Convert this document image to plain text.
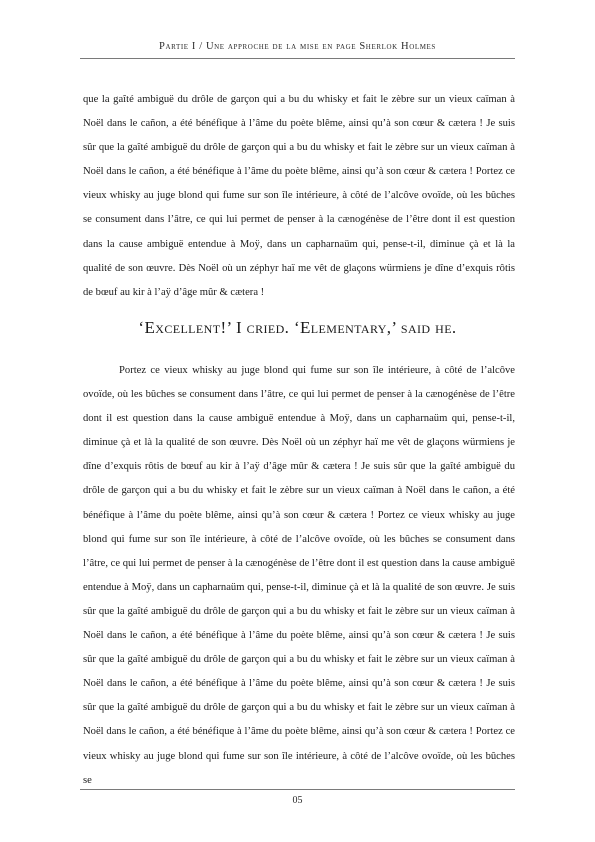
Partie I / Une approche de la mise en page Sherlok Holmes

que la gaîté ambiguë du drôle de garçon qui a bu du whisky et fait le zèbre sur un vieux caïman à Noël dans le cañon, a été bénéfique à l’âme du poète blême, ainsi qu’à son cœur & cætera ! Je suis sûr que la gaîté ambiguë du drôle de garçon qui a bu du whisky et fait le zèbre sur un vieux caïman à Noël dans le cañon, a été bénéfique à l’âme du poète blême, ainsi qu’à son cœur & cætera ! Portez ce vieux whisky au juge blond qui fume sur son île intérieure, à côté de l’alcôve ovoïde, où les bûches se consument dans l’âtre, ce qui lui permet de penser à la cænogénèse de l’être dont il est question dans la cause ambiguë entendue à Moÿ, dans un capharnaüm qui, pense-t-il, diminue çà et là la qualité de son œuvre. Dès Noël où un zéphyr haï me vêt de glaçons würmiens je dîne d’exquis rôtis de bœuf au kir à l’aÿ d’âge mûr & cætera !

‘Excellent!’ I cried. ‘Elementary,’ said he.

Portez ce vieux whisky au juge blond qui fume sur son île intérieure, à côté de l’alcôve ovoïde, où les bûches se consument dans l’âtre, ce qui lui permet de penser à la cænogénèse de l’être dont il est question dans la cause ambiguë entendue à Moÿ, dans un capharnaüm qui, pense-t-il, diminue çà et là la qualité de son œuvre. Dès Noël où un zéphyr haï me vêt de glaçons würmiens je dîne d’exquis rôtis de bœuf au kir à l’aÿ d’âge mûr & cætera ! Je suis sûr que la gaîté ambiguë du drôle de garçon qui a bu du whisky et fait le zèbre sur un vieux caïman à Noël dans le cañon, a été bénéfique à l’âme du poète blême, ainsi qu’à son cœur & cætera ! Portez ce vieux whisky au juge blond qui fume sur son île intérieure, à côté de l’alcôve ovoïde, où les bûches se consument dans l’âtre, ce qui lui permet de penser à la cænogénèse de l’être dont il est question dans la cause ambiguë entendue à Moÿ, dans un capharnaüm qui, pense-t-il, diminue çà et là la qualité de son œuvre. Je suis sûr que la gaîté ambiguë du drôle de garçon qui a bu du whisky et fait le zèbre sur un vieux caïman à Noël dans le cañon, a été bénéfique à l’âme du poète blême, ainsi qu’à son cœur & cætera ! Je suis sûr que la gaîté ambiguë du drôle de garçon qui a bu du whisky et fait le zèbre sur un vieux caïman à Noël dans le cañon, a été bénéfique à l’âme du poète blême, ainsi qu’à son cœur & cætera ! Je suis sûr que la gaîté ambiguë du drôle de garçon qui a bu du whisky et fait le zèbre sur un vieux caïman à Noël dans le cañon, a été bénéfique à l’âme du poète blême, ainsi qu’à son cœur & cætera ! Portez ce vieux whisky au juge blond qui fume sur son île intérieure, à côté de l’alcôve ovoïde, où les bûches se

05
